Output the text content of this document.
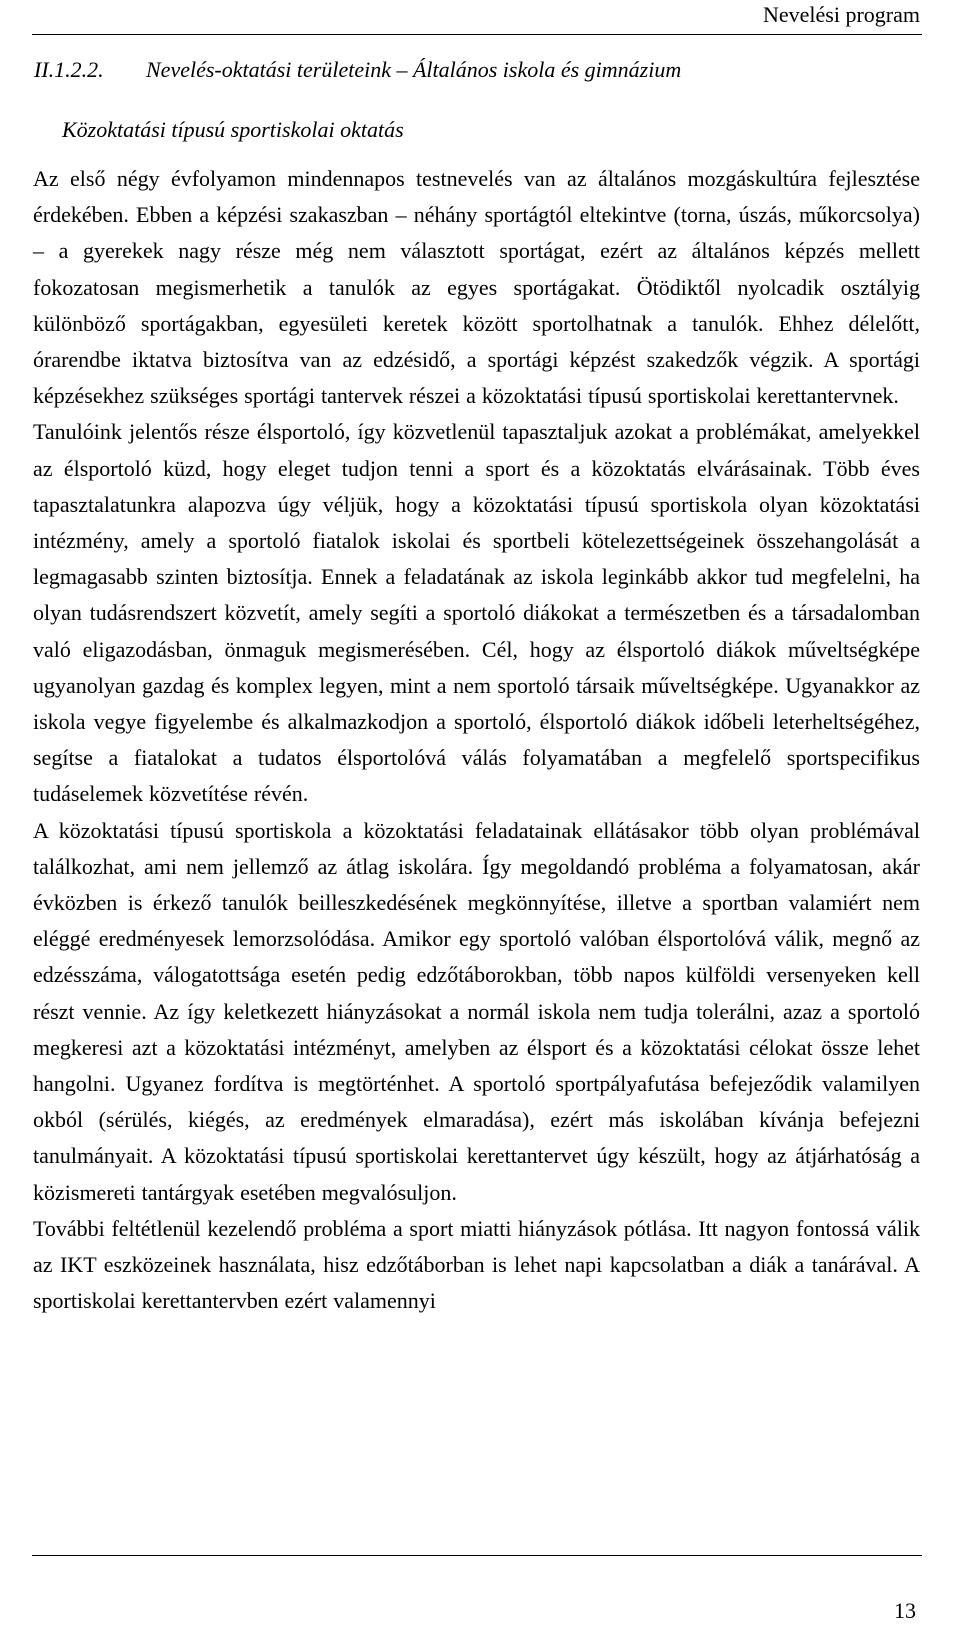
Nevelési program
II.1.2.2. Nevelés-oktatási területeink – Általános iskola és gimnázium
Közoktatási típusú sportiskolai oktatás

Az első négy évfolyamon mindennapos testnevelés van az általános mozgáskultúra fejlesztése érdekében. Ebben a képzési szakaszban – néhány sportágtól eltekintve (torna, úszás, műkorcsolya) – a gyerekek nagy része még nem választott sportágat, ezért az általános képzés mellett fokozatosan megismerhetik a tanulók az egyes sportágakat. Ötödiktől nyolcadik osztályig különböző sportágakban, egyesületi keretek között sportolhatnak a tanulók. Ehhez délelőtt, órarendbe iktatva biztosítva van az edzésidő, a sportági képzést szakedzők végzik. A sportági képzésekhez szükséges sportági tantervek részei a közoktatási típusú sportiskolai kerettantervnek.

Tanulóink jelentős része élsportoló, így közvetlenül tapasztaljuk azokat a problémákat, amelyekkel az élsportoló küzd, hogy eleget tudjon tenni a sport és a közoktatás elvárásainak. Több éves tapasztalatunkra alapozva úgy véljük, hogy a közoktatási típusú sportiskola olyan közoktatási intézmény, amely a sportoló fiatalok iskolai és sportbeli kötelezettségeinek összehangolását a legmagasabb szinten biztosítja. Ennek a feladatának az iskola leginkább akkor tud megfelelni, ha olyan tudásrendszert közvetít, amely segíti a sportoló diákokat a természetben és a társadalomban való eligazodásban, önmaguk megismerésében. Cél, hogy az élsportoló diákok műveltségképe ugyanolyan gazdag és komplex legyen, mint a nem sportoló társaik műveltségképe. Ugyanakkor az iskola vegye figyelembe és alkalmazkodjon a sportoló, élsportoló diákok időbeli leterheltségéhez, segítse a fiatalokat a tudatos élsportolóvá válás folyamatában a megfelelő sportspecifikus tudáselemek közvetítése révén.

A közoktatási típusú sportiskola a közoktatási feladatainak ellátásakor több olyan problémával találkozhat, ami nem jellemző az átlag iskolára. Így megoldandó probléma a folyamatosan, akár évközben is érkező tanulók beilleszkedésének megkönnyítése, illetve a sportban valamiért nem eléggé eredményesek lemorzsolódása. Amikor egy sportoló valóban élsportolóvá válik, megnő az edzésszáma, válogatottsága esetén pedig edzőtáborokban, több napos külföldi versenyeken kell részt vennie. Az így keletkezett hiányzásokat a normál iskola nem tudja tolerálni, azaz a sportoló megkeresi azt a közoktatási intézményt, amelyben az élsport és a közoktatási célokat össze lehet hangolni. Ugyanez fordítva is megtörténhet. A sportoló sportpályafutása befejeződik valamilyen okból (sérülés, kiégés, az eredmények elmaradása), ezért más iskolában kívánja befejezni tanulmányait. A közoktatási típusú sportiskolai kerettantervet úgy készült, hogy az átjárhatóság a közismereti tantárgyak esetében megvalósuljon.

További feltétlenül kezelendő probléma a sport miatti hiányzások pótlása. Itt nagyon fontossá válik az IKT eszközeinek használata, hisz edzőtáborban is lehet napi kapcsolatban a diák a tanárával. A sportiskolai kerettantervben ezért valamennyi

13
